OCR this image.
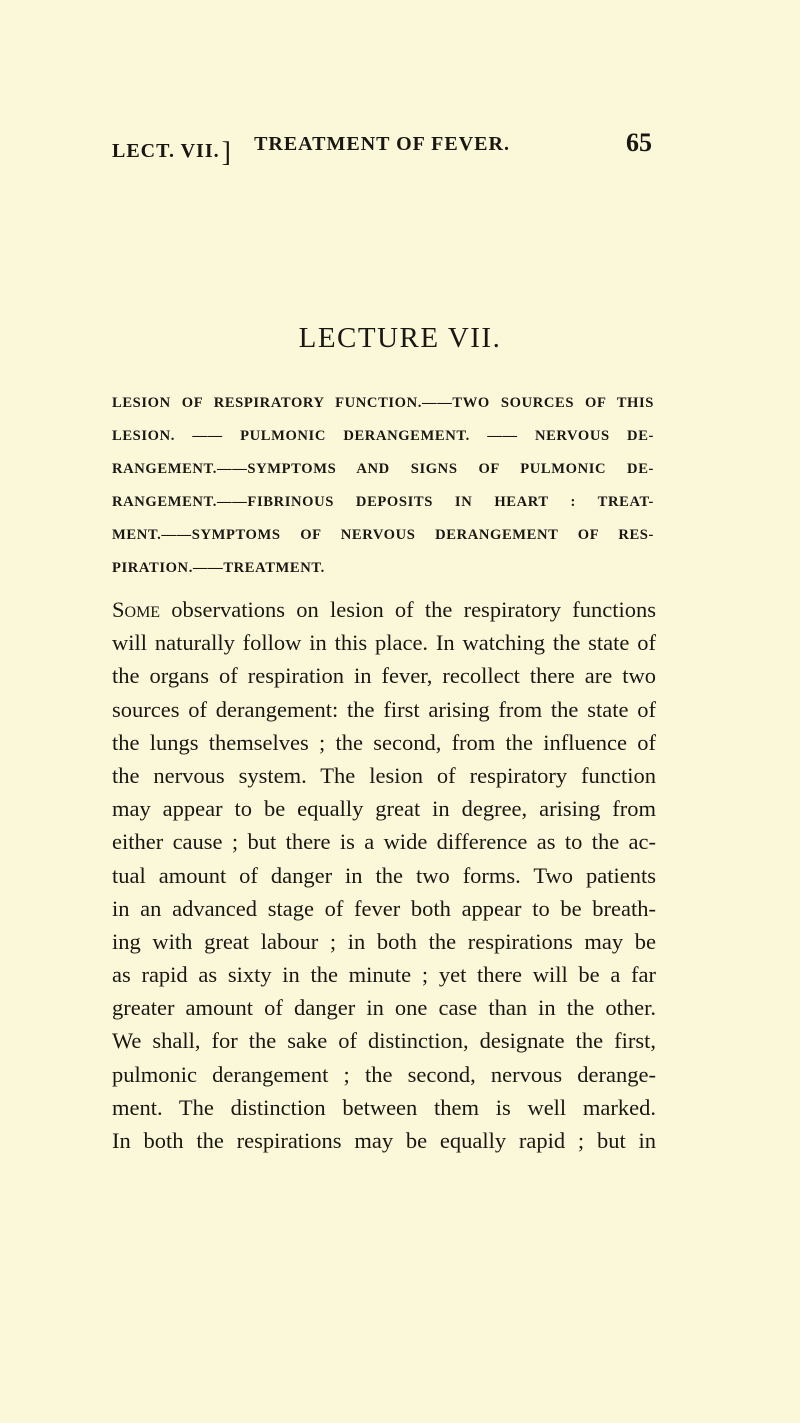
LECT. VII.]	TREATMENT OF FEVER.	65
LECTURE VII.
LESION OF RESPIRATORY FUNCTION.——TWO SOURCES OF THIS
LESION. —— PULMONIC DERANGEMENT. —— NERVOUS DE-
RANGEMENT.——SYMPTOMS AND SIGNS OF PULMONIC DE-
RANGEMENT.——FIBRINOUS DEPOSITS IN HEART : TREAT-
MENT.——SYMPTOMS OF NERVOUS DERANGEMENT OF RES-
PIRATION.——TREATMENT.
Some observations on lesion of the respiratory functions
will naturally follow in this place. In watching the state of
the organs of respiration in fever, recollect there are two
sources of derangement: the first arising from the state of
the lungs themselves ; the second, from the influence of
the nervous system. The lesion of respiratory function
may appear to be equally great in degree, arising from
either cause ; but there is a wide difference as to the ac-
tual amount of danger in the two forms. Two patients
in an advanced stage of fever both appear to be breath-
ing with great labour ; in both the respirations may be
as rapid as sixty in the minute ; yet there will be a far
greater amount of danger in one case than in the other.
We shall, for the sake of distinction, designate the first,
pulmonic derangement ; the second, nervous derange-
ment. The distinction between them is well marked.
In both the respirations may be equally rapid ; but in
